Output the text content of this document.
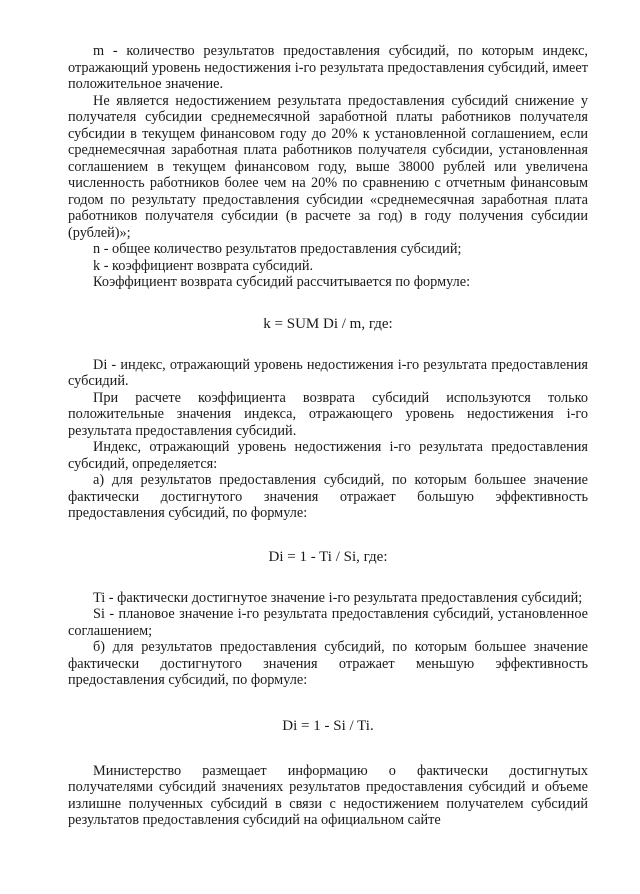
m - количество результатов предоставления субсидий, по которым индекс, отражающий уровень недостижения i-го результата предоставления субсидий, имеет положительное значение.

Не является недостижением результата предоставления субсидий снижение у получателя субсидии среднемесячной заработной платы работников получателя субсидии в текущем финансовом году до 20% к установленной соглашением, если среднемесячная заработная плата работников получателя субсидии, установленная соглашением в текущем финансовом году, выше 38000 рублей или увеличена численность работников более чем на 20% по сравнению с отчетным финансовым годом по результату предоставления субсидии «среднемесячная заработная плата работников получателя субсидии (в расчете за год) в году получения субсидии (рублей)»;

n - общее количество результатов предоставления субсидий;

k - коэффициент возврата субсидий.

Коэффициент возврата субсидий рассчитывается по формуле:

k = SUM Di / m, где:

Di - индекс, отражающий уровень недостижения i-го результата предоставления субсидий.

При расчете коэффициента возврата субсидий используются только положительные значения индекса, отражающего уровень недостижения i-го результата предоставления субсидий.

Индекс, отражающий уровень недостижения i-го результата предоставления субсидий, определяется:

а) для результатов предоставления субсидий, по которым большее значение фактически достигнутого значения отражает большую эффективность предоставления субсидий, по формуле:

Di = 1 - Ti / Si, где:

Ti - фактически достигнутое значение i-го результата предоставления субсидий;

Si - плановое значение i-го результата предоставления субсидий, установленное соглашением;

б) для результатов предоставления субсидий, по которым большее значение фактически достигнутого значения отражает меньшую эффективность предоставления субсидий, по формуле:

Di = 1 - Si / Ti.

Министерство размещает информацию о фактически достигнутых получателями субсидий значениях результатов предоставления субсидий и объеме излишне полученных субсидий в связи с недостижением получателем субсидий результатов предоставления субсидий на официальном сайте
